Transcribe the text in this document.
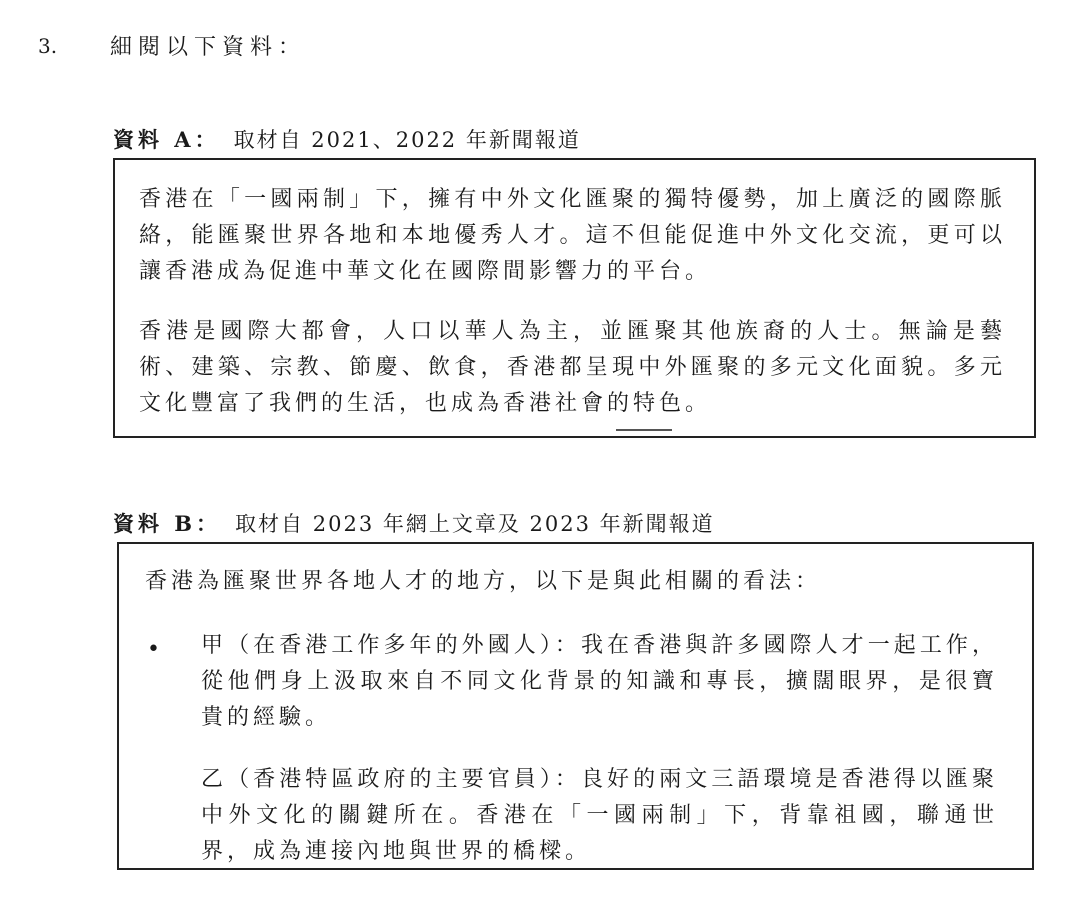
3. 細閱以下資料：
資料 A： 取材自 2021、2022 年新聞報道
香港在「一國兩制」下，擁有中外文化匯聚的獨特優勢，加上廣泛的國際脈絡，能匯聚世界各地和本地優秀人才。這不但能促進中外文化交流，更可以讓香港成為促進中華文化在國際間影響力的平台。
香港是國際大都會，人口以華人為主，並匯聚其他族裔的人士。無論是藝術、建築、宗教、節慶、飲食，香港都呈現中外匯聚的多元文化面貌。多元文化豐富了我們的生活，也成為香港社會的特色。
資料 B： 取材自 2023 年網上文章及 2023 年新聞報道
香港為匯聚世界各地人才的地方，以下是與此相關的看法：
• 甲（在香港工作多年的外國人）：我在香港與許多國際人才一起工作，從他們身上汲取來自不同文化背景的知識和專長，擴闊眼界，是很寶貴的經驗。
乙（香港特區政府的主要官員）：良好的兩文三語環境是香港得以匯聚中外文化的關鍵所在。香港在「一國兩制」下，背靠祖國，聯通世界，成為連接內地與世界的橋樑。
